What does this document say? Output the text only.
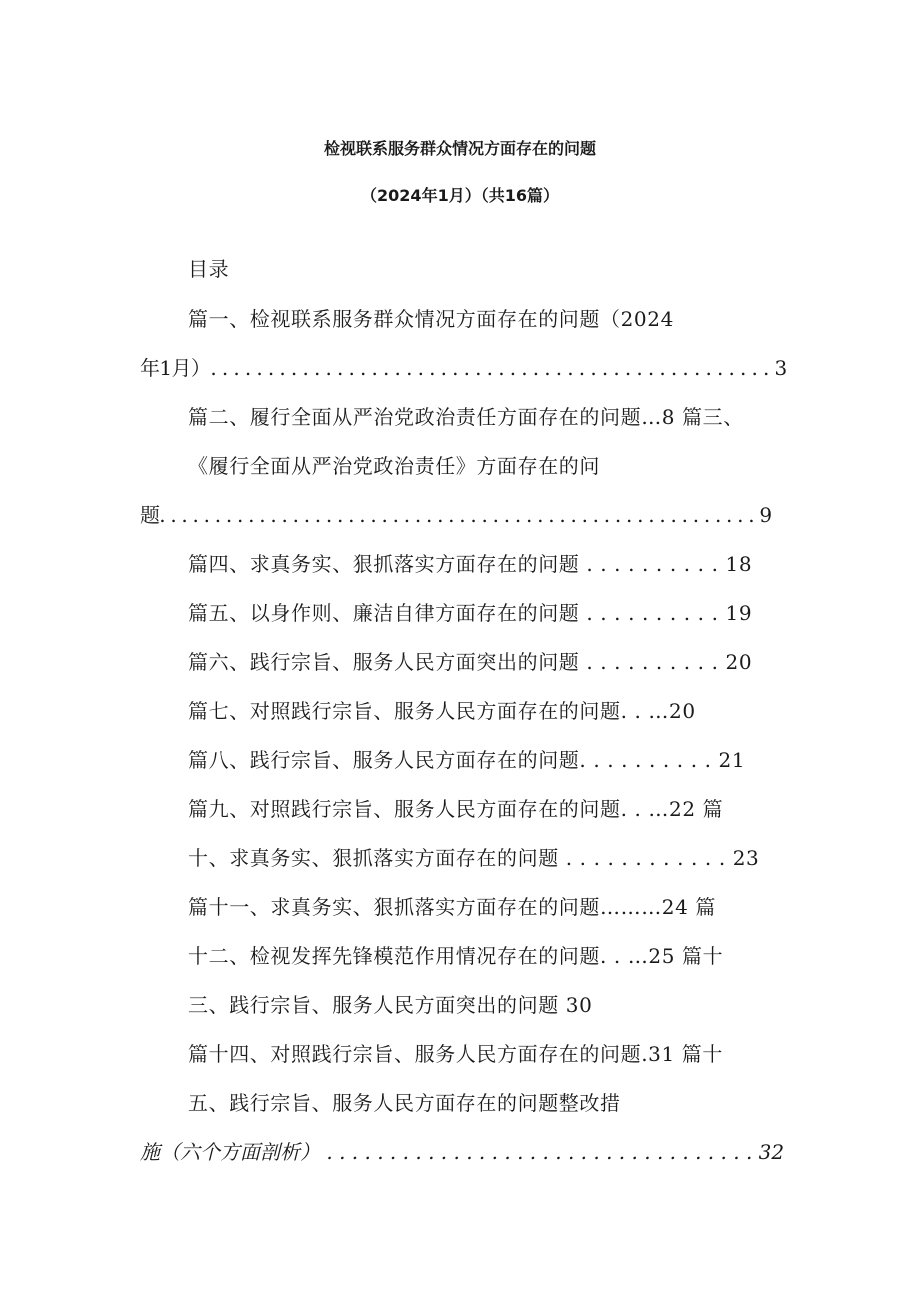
检视联系服务群众情况方面存在的问题
（2024年1月）（共16篇）
目录
篇一、检视联系服务群众情况方面存在的问题（2024
年1月）. . . . . . . . . . . . . . . . . . . . . . . . . . . . . . . . . . . . . . . . . . . . . . . . . 3
篇二、履行全面从严治党政治责任方面存在的问题…8 篇三、
《履行全面从严治党政治责任》方面存在的问
题. . . . . . . . . . . . . . . . . . . . . . . . . . . . . . . . . . . . . . . . . . . . . . . . . . . . . . 9
篇四、求真务实、狠抓落实方面存在的问题 . . . . . . . . . . 18
篇五、以身作则、廉洁自律方面存在的问题 . . . . . . . . . . 19
篇六、践行宗旨、服务人民方面突出的问题 . . . . . . . . . . 20
篇七、对照践行宗旨、服务人民方面存在的问题. . …20
篇八、践行宗旨、服务人民方面存在的问题. . . . . . . . . . 21
篇九、对照践行宗旨、服务人民方面存在的问题. . …22 篇
十、求真务实、狠抓落实方面存在的问题 . . . . . . . . . . . . 23
篇十一、求真务实、狠抓落实方面存在的问题………24 篇
十二、检视发挥先锋模范作用情况存在的问题. . …25 篇十
三、践行宗旨、服务人民方面突出的问题 30
篇十四、对照践行宗旨、服务人民方面存在的问题.31 篇十
五、践行宗旨、服务人民方面存在的问题整改措
施（六个方面剖析） . . . . . . . . . . . . . . . . . . . . . . . . . . . . . . . . . . 32
